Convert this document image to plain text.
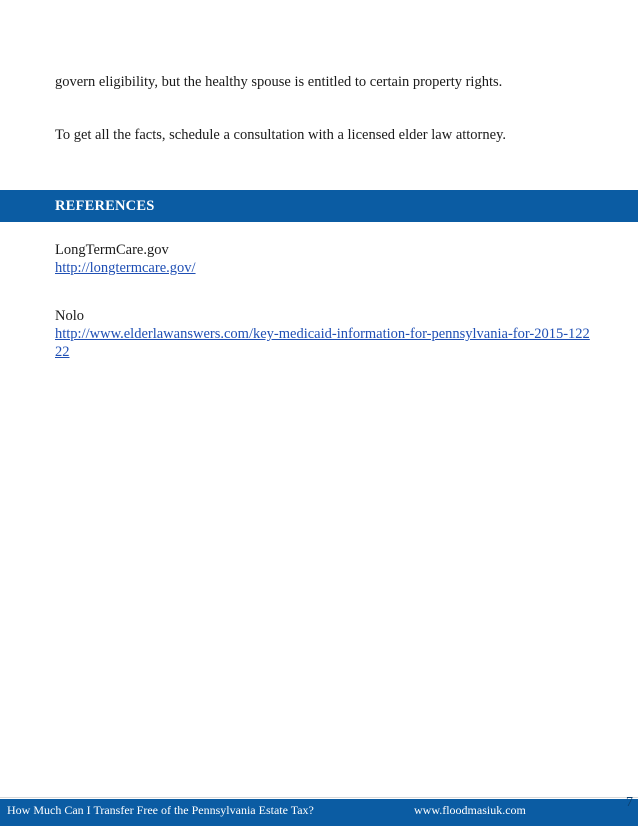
govern eligibility, but the healthy spouse is entitled to certain property rights.
To get all the facts, schedule a consultation with a licensed elder law attorney.
REFERENCES
LongTermCare.gov
http://longtermcare.gov/
Nolo
http://www.elderlawanswers.com/key-medicaid-information-for-pennsylvania-for-2015-12222
How Much Can I Transfer Free of the Pennsylvania Estate Tax?	www.floodmasiuk.com	7
